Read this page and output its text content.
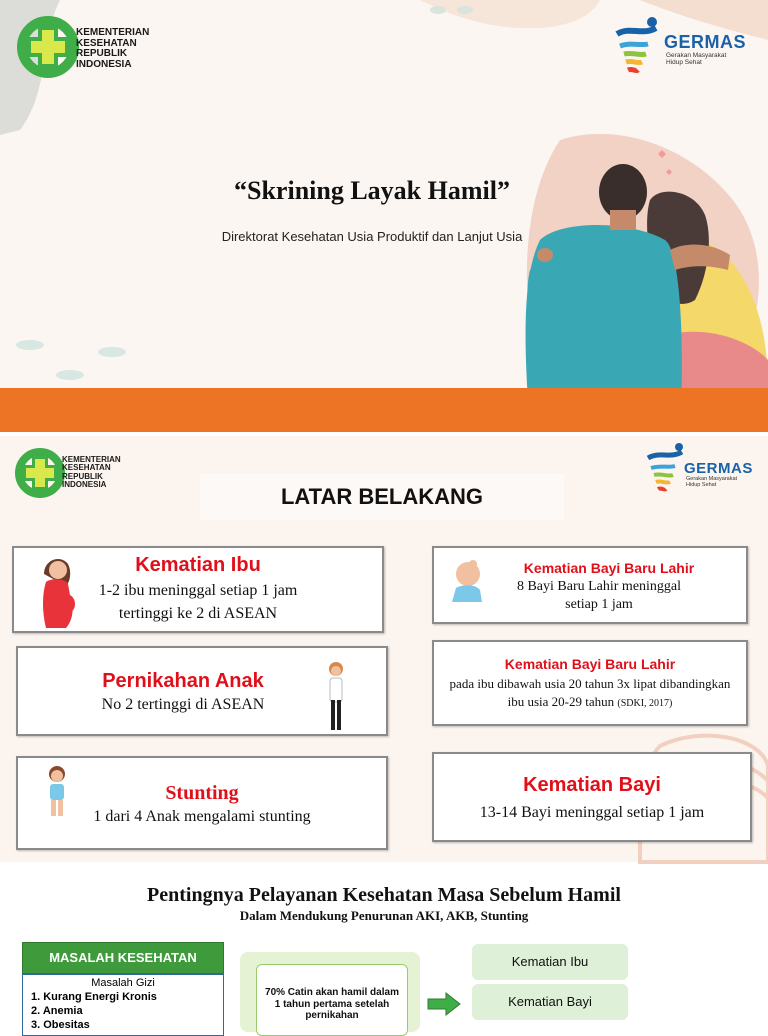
KEMENTERIAN
KESEHATAN
REPUBLIK
INDONESIA
GERMAS
Gerakan Masyarakat
Hidup Sehat
“Skrining Layak Hamil”
Direktorat Kesehatan Usia Produktif dan Lanjut Usia
KEMENTERIAN
KESEHATAN
REPUBLIK
INDONESIA
GERMAS
Gerakan Masyarakat
Hidup Sehat
LATAR BELAKANG
Kematian Ibu
1-2 ibu meninggal setiap 1 jam
tertinggi ke 2 di ASEAN
Pernikahan Anak
No 2 tertinggi di ASEAN
Stunting
1 dari 4 Anak mengalami stunting
Kematian Bayi Baru Lahir
8 Bayi Baru Lahir meninggal
setiap 1 jam
Kematian Bayi Baru Lahir
pada ibu dibawah usia 20 tahun 3x lipat dibandingkan
ibu usia 20-29 tahun (SDKI, 2017)
Kematian Bayi
13-14 Bayi meninggal setiap 1 jam
Pentingnya Pelayanan Kesehatan Masa Sebelum Hamil
Dalam Mendukung Penurunan AKI, AKB, Stunting
MASALAH KESEHATAN
Masalah Gizi
1. Kurang Energi Kronis
2. Anemia
3. Obesitas
70% Catin akan hamil dalam 1 tahun pertama setelah pernikahan
Kematian Ibu
Kematian Bayi
